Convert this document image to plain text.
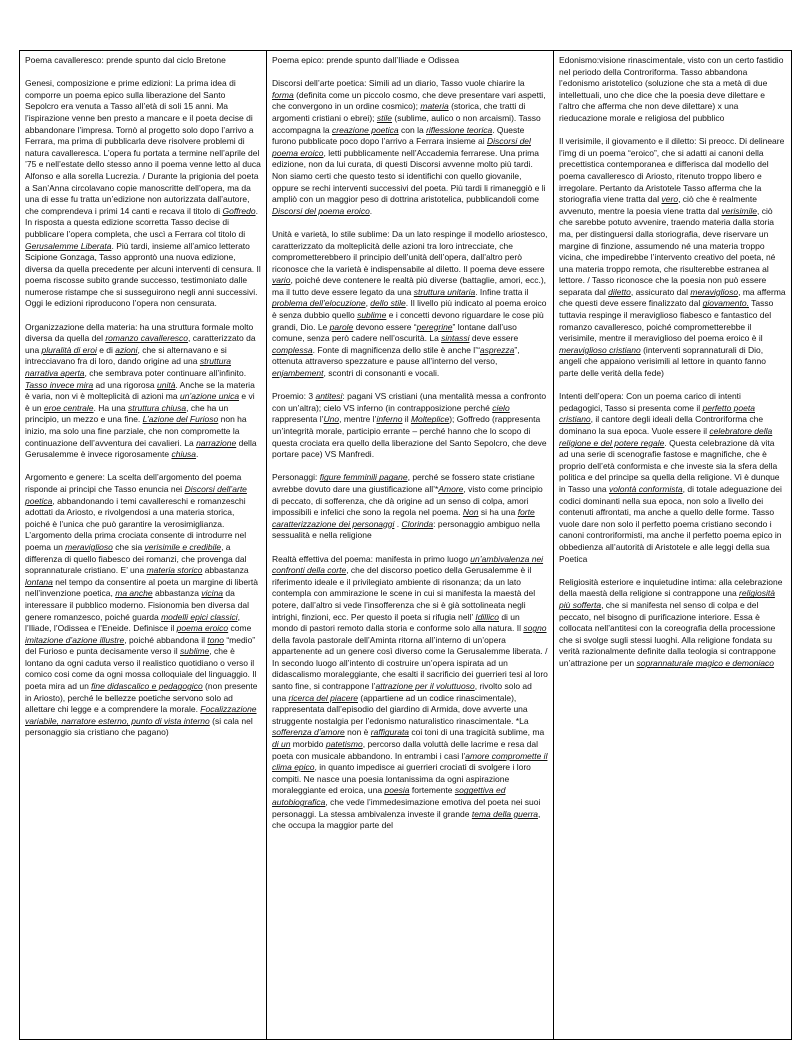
Poema cavalleresco: prende spunto dal ciclo Bretone

Genesi, composizione e prime edizioni: La prima idea di comporre un poema epico sulla liberazione del Santo Sepolcro era venuta a Tasso all’età di soli 15 anni. Ma l’ispirazione venne ben presto a mancare e il poeta decise di abbandonare l’impresa. Tornò al progetto solo dopo l’arrivo a Ferrara, ma prima di pubblicarla deve risolvere problemi di natura cavalleresca. L’opera fu portata a termine nell’aprile del ’75 e nell’estate dello stesso anno il poema venne letto al duca Alfonso e alla sorella Lucrezia. / Durante la prigionia del poeta a San’Anna circolavano copie manoscritte dell’opera, ma da una di esse fu tratta un’edizione non autorizzata dall’autore, che comprendeva i primi 14 canti e recava il titolo di Goffredo. In risposta a questa edizione scorretta Tasso decise di pubblicare l’opera completa, che uscì a Ferrara col titolo di Gerusalemme Liberata. Più tardi, insieme all’amico letterato Scipione Gonzaga, Tasso approntò una nuova edizione, diversa da quella precedente per alcuni interventi di censura. Il poema riscosse subito grande successo, testimoniato dalle numerose ristampe che si susseguirono negli anni successivi. Oggi le edizioni riproducono l’opera non censurata.

Organizzazione della materia: ha una struttura formale molto diversa da quella del romanzo cavalleresco, caratterizzato da una pluralità di eroi e di azioni, che si alternavano e si intrecciavano fra di loro, dando origine ad una struttura narrativa aperta, che sembrava poter continuare all’infinito. Tasso invece mira ad una rigorosa unità. Anche se la materia è varia, non vi è molteplicità di azioni ma un’azione unica e vi è un eroe centrale. Ha una struttura chiusa, che ha un principio, un mezzo e una fine. L’azione del Furioso non ha inizio, ma solo una fine parziale, che non compromette la continuazione dell’avventura dei cavalieri. La narrazione della Gerusalemme è invece rigorosamente chiusa.

Argomento e genere: La scelta dell’argomento del poema risponde ai principi che Tasso enuncia nei Discorsi dell’arte poetica, abbandonando i temi cavallereschi e romanzeschi adottati da Ariosto, e rivolgendosi a una materia storica, poiché è l’unica che può garantire la verosimiglianza. L’argomento della prima crociata consente di introdurre nel poema un meraviglioso che sia verisimile e credibile, a differenza di quello fiabesco dei romanzi, che provenga dal soprannaturale cristiano. E’ una materia storico abbastanza lontana nel tempo da consentire al poeta un margine di libertà nell’invenzione poetica, ma anche abbastanza vicina da interessare il pubblico moderno. Fisionomia ben diversa dal genere romanzesco, poiché guarda modelli epici classici, l’Iliade, l’Odissea e l’Eneide. Definisce il poema eroico come imitazione d’azione illustre, poiché abbandona il tono “medio” del Furioso e punta decisamente verso il sublime, che è lontano da ogni caduta verso il realistico quotidiano o verso il comico cosi come da ogni mossa colloquiale del linguaggio. Il poeta mira ad un fine didascalico e pedagogico (non presente in Ariosto), perché le bellezze poetiche servono solo ad allettare chi legge e a comprendere la morale. Focalizzazione variabile, narratore esterno, punto di vista interno (si cala nel personaggio sia cristiano che pagano)

Poema epico: prende spunto dall’Iliade e Odissea

Discorsi dell’arte poetica: Simili ad un diario, Tasso vuole chiarire la forma (definita come un piccolo cosmo, che deve presentare vari aspetti, che convergono in un ordine cosmico); materia (storica, che tratti di argomenti cristiani o ebrei); stile (sublime, aulico o non arcaismi). Tasso accompagna la creazione poetica con la riflessione teorica. Queste furono pubblicate poco dopo l’arrivo a Ferrara insieme ai Discorsi del poema eroico, letti pubblicamente nell’Accademia ferrarese. Una prima edizione, non da lui curata, di questi Discorsi avvenne molto più tardi. Non siamo certi che questo testo si identifichi con quello giovanile, oppure se rechi interventi successivi del poeta. Più tardi li rimaneggiò e li ampliò con un maggior peso di dottrina aristotelica, pubblicandoli come Discorsi del poema eroico.

Unità e varietà, lo stile sublime: Da un lato respinge il modello ariostesco, caratterizzato da molteplicità delle azioni tra loro intrecciate, che comprometterebbero il principio dell’unità dell’opera, dall’altro però riconosce che la varietà è indispensabile al diletto. Il poema deve essere vario, poiché deve contenere le realtà più diverse (battaglie, amori, ecc.), ma il tutto deve essere legato da una struttura unitaria. Infine tratta il problema dell’elocuzione, dello stile. Il livello più indicato al poema eroico è senza dubbio quello sublime e i concetti devono riguardare le cose più grandi, Dio. Le parole devono essere “peregrine” lontane dall’uso comune, senza però cadere nell’oscurità. La sintassi deve essere complessa. Fonte di magnificenza dello stile è anche l’“asprezza”, ottenuta attraverso spezzature e pause all’interno del verso, enjambement, scontri di consonanti e vocali.

Proemio: 3 antitesi: pagani VS cristiani (una mentalità messa a confronto con un’altra); cielo VS inferno (in contrapposizione perché cielo rappresenta l’Uno, mentre l’inferno il Molteplice); Goffredo (rappresenta un’integrità morale, participio errante – perché hanno che lo scopo di questa crociata era quello della liberazione del Santo Sepolcro, che deve portare pace) VS Manfredi.

Personaggi: figure femminili pagane, perché se fossero state cristiane avrebbe dovuto dare una giustificazione all’*Amore, visto come principio di peccato, di sofferenza, che dà origine ad un senso di colpa, amori impossibili e infelici che sono la regola nel poema. Non si ha una forte caratterizzazione dei personaggi . Clorinda: personaggio ambiguo nella sessualità e nella religione

Realtà effettiva del poema: manifesta in primo luogo un’ambivalenza nei confronti della corte, che del discorso poetico della Gerusalemme è il riferimento ideale e il privilegiato ambiente di risonanza; da un lato contempla con ammirazione le scene in cui si manifesta la maestà del potere, dall’altro si vede l’insofferenza che si è già sottolineata negli intrighi, finzioni, ecc. Per questo il poeta si rifugia nell’ Idillico di un mondo di pastori remoto dalla storia e conforme solo alla natura. Il sogno della favola pastorale dell’Aminta ritorna all’interno di un’opera appartenente ad un genere così diverso come la Gerusalemme liberata. / In secondo luogo all’intento di costruire un’opera ispirata ad un didascalismo moraleggiante, che esalti il sacrificio dei guerrieri tesi al loro santo fine, si contrappone l’attrazione per il voluttuoso, rivolto solo ad una ricerca del piacere (appartiene ad un codice rinascimentale), rappresentata dall’episodio del giardino di Armida, dove avverte una struggente nostalgia per l’edonismo naturalistico rinascimentale. *La sofferenza d’amore non è raffigurata coi toni di una tragicità sublime, ma di un morbido patetismo, percorso dalla voluttà delle lacrime e resa dal poeta con musicale abbandono. In entrambi i casi l’amore compromette il clima epico, in quanto impedisce ai guerrieri crociati di svolgere i loro compiti. Ne nasce una poesia lontanissima da ogni aspirazione moraleggiante ed eroica, una poesia fortemente soggettiva ed autobiografica, che vede l’immedesimazione emotiva del poeta nei suoi personaggi. La stessa ambivalenza investe il grande tema della guerra, che occupa la maggior parte del

Edonismo:visione rinascimentale, visto con un certo fastidio nel periodo della Controriforma. Tasso abbandona l’edonismo aristotelico (soluzione che sta a metà di due intellettuali, uno che dice che la poesia deve dilettare e l’altro che afferma che non deve dilettare) x una rieducazione morale e religiosa del pubblico

Il verisimile, il giovamento e il diletto: Si preocc. Di delineare l’img di un poema “eroico”, che si adatti ai canoni della precettistica contemporanea e differisca dal modello del poema cavalleresco di Ariosto, ritenuto troppo libero e irregolare. Pertanto da Aristotele Tasso afferma che la storiografia viene tratta dal vero, ciò che è realmente avvenuto, mentre la poesia viene tratta dal verisimile, ciò che sarebbe potuto avvenire, traendo materia dalla storia ma, per distinguersi dalla storiografia, deve riservare un margine di finzione, assumendo né una materia troppo vicina, che impedirebbe l’intervento creativo del poeta, né una materia troppo remota, che risulterebbe estranea al lettore. / Tasso riconosce che la poesia non può essere separata dal diletto, assicurato dal meraviglioso, ma afferma che questi deve essere finalizzato dal giovamento. Tasso tuttavia respinge il meraviglioso fiabesco e fantastico del romanzo cavalleresco, poiché comprometterebbe il verisimile, mentre il meraviglioso del poema eroico è il meraviglioso cristiano (interventi soprannaturali di Dio, angeli che appaiono verisimili al lettore in quanto fanno parte delle verità della fede)

Intenti dell’opera: Con un poema carico di intenti pedagogici, Tasso si presenta come il perfetto poeta cristiano, il cantore degli ideali della Controriforma che dominano la sua epoca. Vuole essere il celebratore della religione e del potere regale. Questa celebrazione dà vita ad una serie di scenografie fastose e magnifiche, che è proprio dell’età conformista e che investe sia la sfera della politica e del principe sa quella della religione. Vi è dunque in Tasso una volontà conformista, di totale adeguazione dei codici dominanti nella sua epoca, non solo a livello dei contenuti affrontati, ma anche a quello delle forme. Tasso vuole dare non solo il perfetto poema cristiano secondo i canoni controriformisti, ma anche il perfetto poema epico in obbedienza all’autorità di Aristotele e alle leggi della sua Poetica

Religiosità esteriore e inquietudine intima: alla celebrazione della maestà della religione si contrappone una religiosità più sofferta, che si manifesta nel senso di colpa e del peccato, nel bisogno di purificazione interiore. Essa è collocata nell’antitesi con la coreografia della processione che si svolge sugli stessi luoghi. Alla religione fondata su verità razionalmente definite dalla teologia si contrappone un’attrazione per un soprannaturale magico e demoniaco
